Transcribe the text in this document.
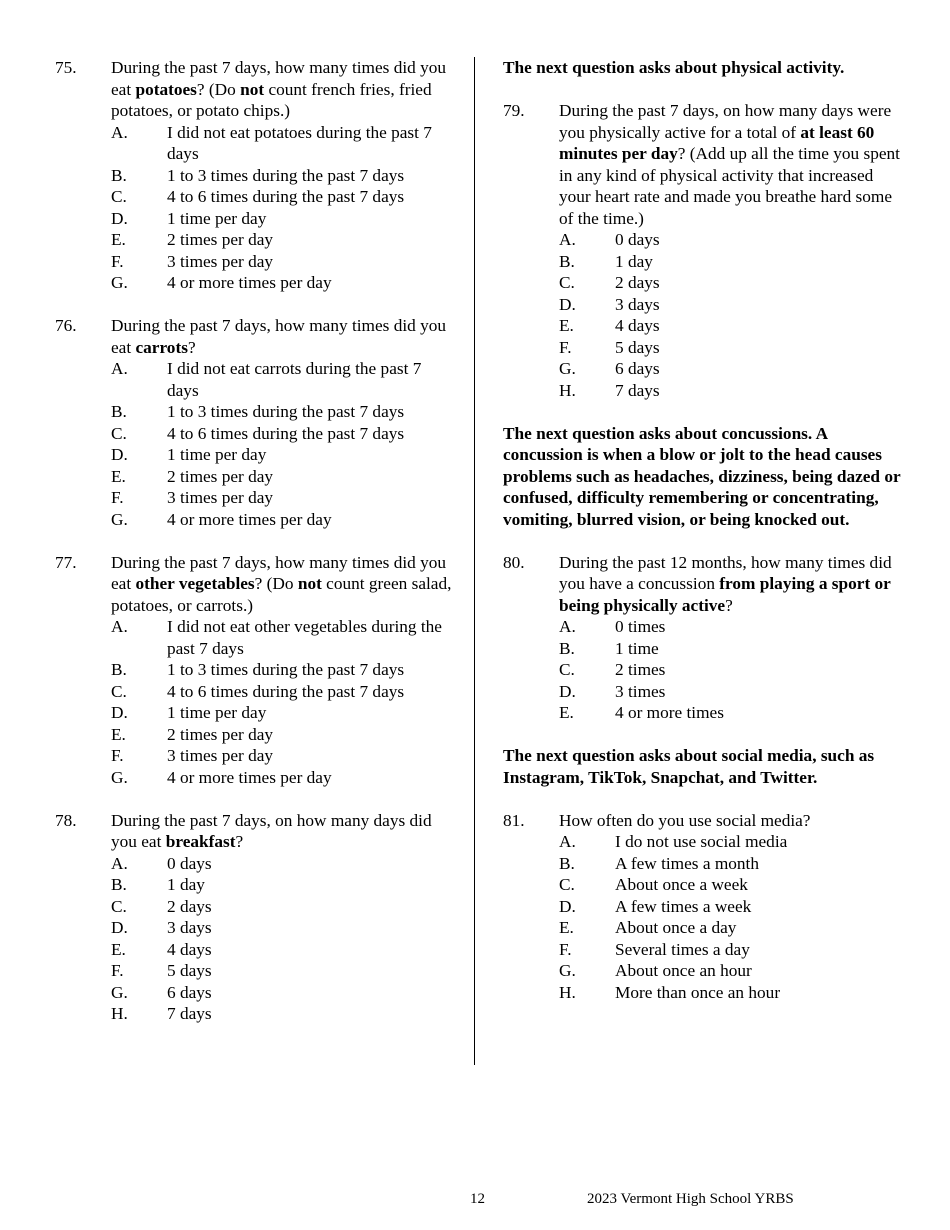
75.	During the past 7 days, how many times did you eat potatoes? (Do not count french fries, fried potatoes, or potato chips.)
A.	I did not eat potatoes during the past 7 days
B.	1 to 3 times during the past 7 days
C.	4 to 6 times during the past 7 days
D.	1 time per day
E.	2 times per day
F.	3 times per day
G.	4 or more times per day
76.	During the past 7 days, how many times did you eat carrots?
A.	I did not eat carrots during the past 7 days
B.	1 to 3 times during the past 7 days
C.	4 to 6 times during the past 7 days
D.	1 time per day
E.	2 times per day
F.	3 times per day
G.	4 or more times per day
77.	During the past 7 days, how many times did you eat other vegetables? (Do not count green salad, potatoes, or carrots.)
A.	I did not eat other vegetables during the past 7 days
B.	1 to 3 times during the past 7 days
C.	4 to 6 times during the past 7 days
D.	1 time per day
E.	2 times per day
F.	3 times per day
G.	4 or more times per day
78.	During the past 7 days, on how many days did you eat breakfast?
A.	0 days
B.	1 day
C.	2 days
D.	3 days
E.	4 days
F.	5 days
G.	6 days
H.	7 days
The next question asks about physical activity.
79.	During the past 7 days, on how many days were you physically active for a total of at least 60 minutes per day? (Add up all the time you spent in any kind of physical activity that increased your heart rate and made you breathe hard some of the time.)
A.	0 days
B.	1 day
C.	2 days
D.	3 days
E.	4 days
F.	5 days
G.	6 days
H.	7 days
The next question asks about concussions. A concussion is when a blow or jolt to the head causes problems such as headaches, dizziness, being dazed or confused, difficulty remembering or concentrating, vomiting, blurred vision, or being knocked out.
80.	During the past 12 months, how many times did you have a concussion from playing a sport or being physically active?
A.	0 times
B.	1 time
C.	2 times
D.	3 times
E.	4 or more times
The next question asks about social media, such as Instagram, TikTok, Snapchat, and Twitter.
81.	How often do you use social media?
A.	I do not use social media
B.	A few times a month
C.	About once a week
D.	A few times a week
E.	About once a day
F.	Several times a day
G.	About once an hour
H.	More than once an hour
12	2023 Vermont High School YRBS
